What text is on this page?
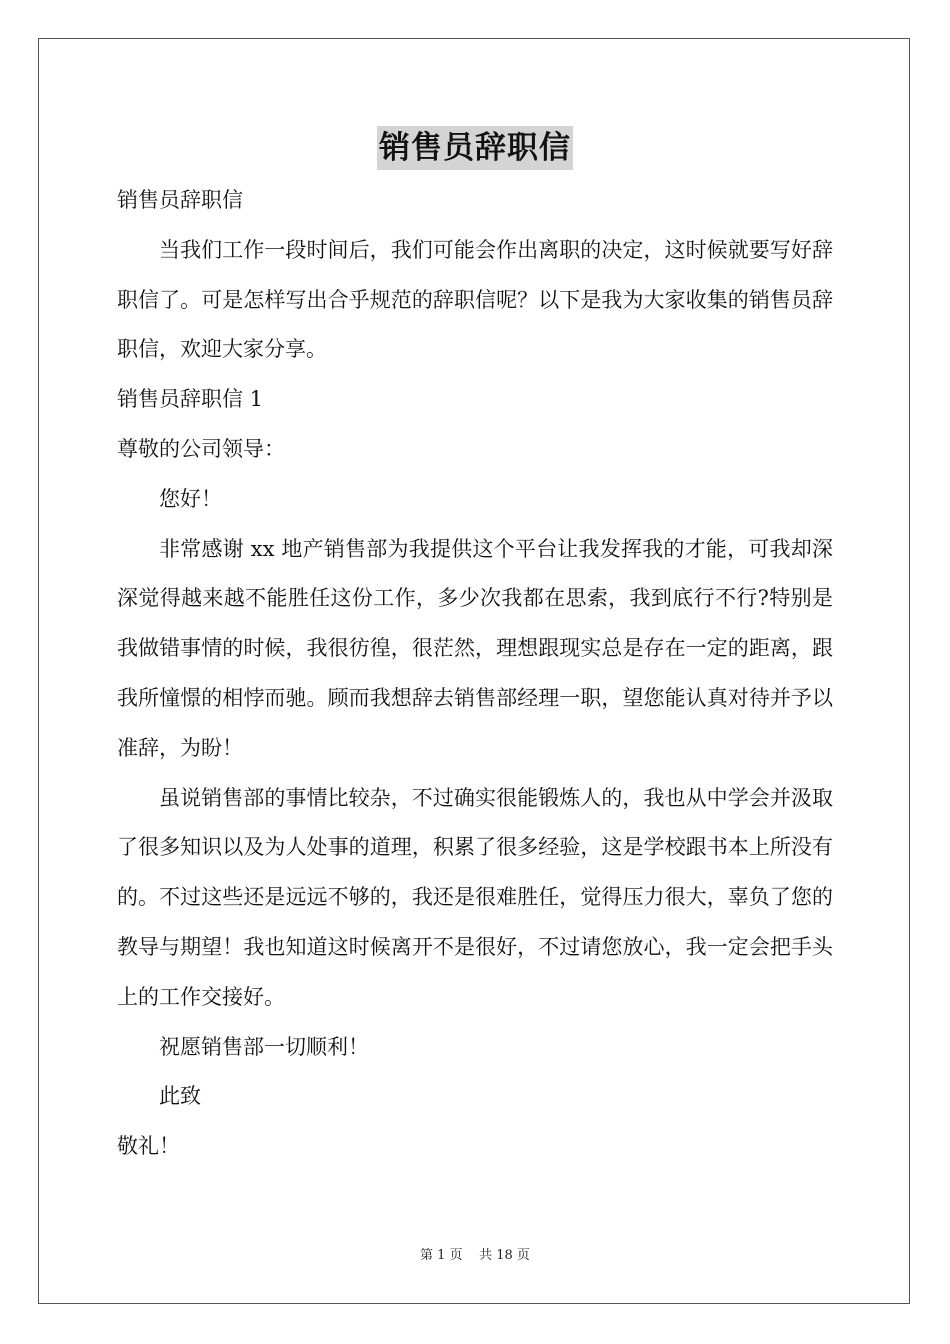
销售员辞职信

销售员辞职信

当我们工作一段时间后，我们可能会作出离职的决定，这时候就要写好辞职信了。可是怎样写出合乎规范的辞职信呢？以下是我为大家收集的销售员辞职信，欢迎大家分享。

销售员辞职信 1

尊敬的公司领导：

您好！

非常感谢 xx 地产销售部为我提供这个平台让我发挥我的才能，可我却深深觉得越来越不能胜任这份工作，多少次我都在思索，我到底行不行?特别是我做错事情的时候，我很彷徨，很茫然，理想跟现实总是存在一定的距离，跟我所憧憬的相悖而驰。顾而我想辞去销售部经理一职，望您能认真对待并予以准辞，为盼！

虽说销售部的事情比较杂，不过确实很能锻炼人的，我也从中学会并汲取了很多知识以及为人处事的道理，积累了很多经验，这是学校跟书本上所没有的。不过这些还是远远不够的，我还是很难胜任，觉得压力很大，辜负了您的教导与期望！我也知道这时候离开不是很好，不过请您放心，我一定会把手头上的工作交接好。

祝愿销售部一切顺利！

此致

敬礼！

第 1 页 共 18 页
